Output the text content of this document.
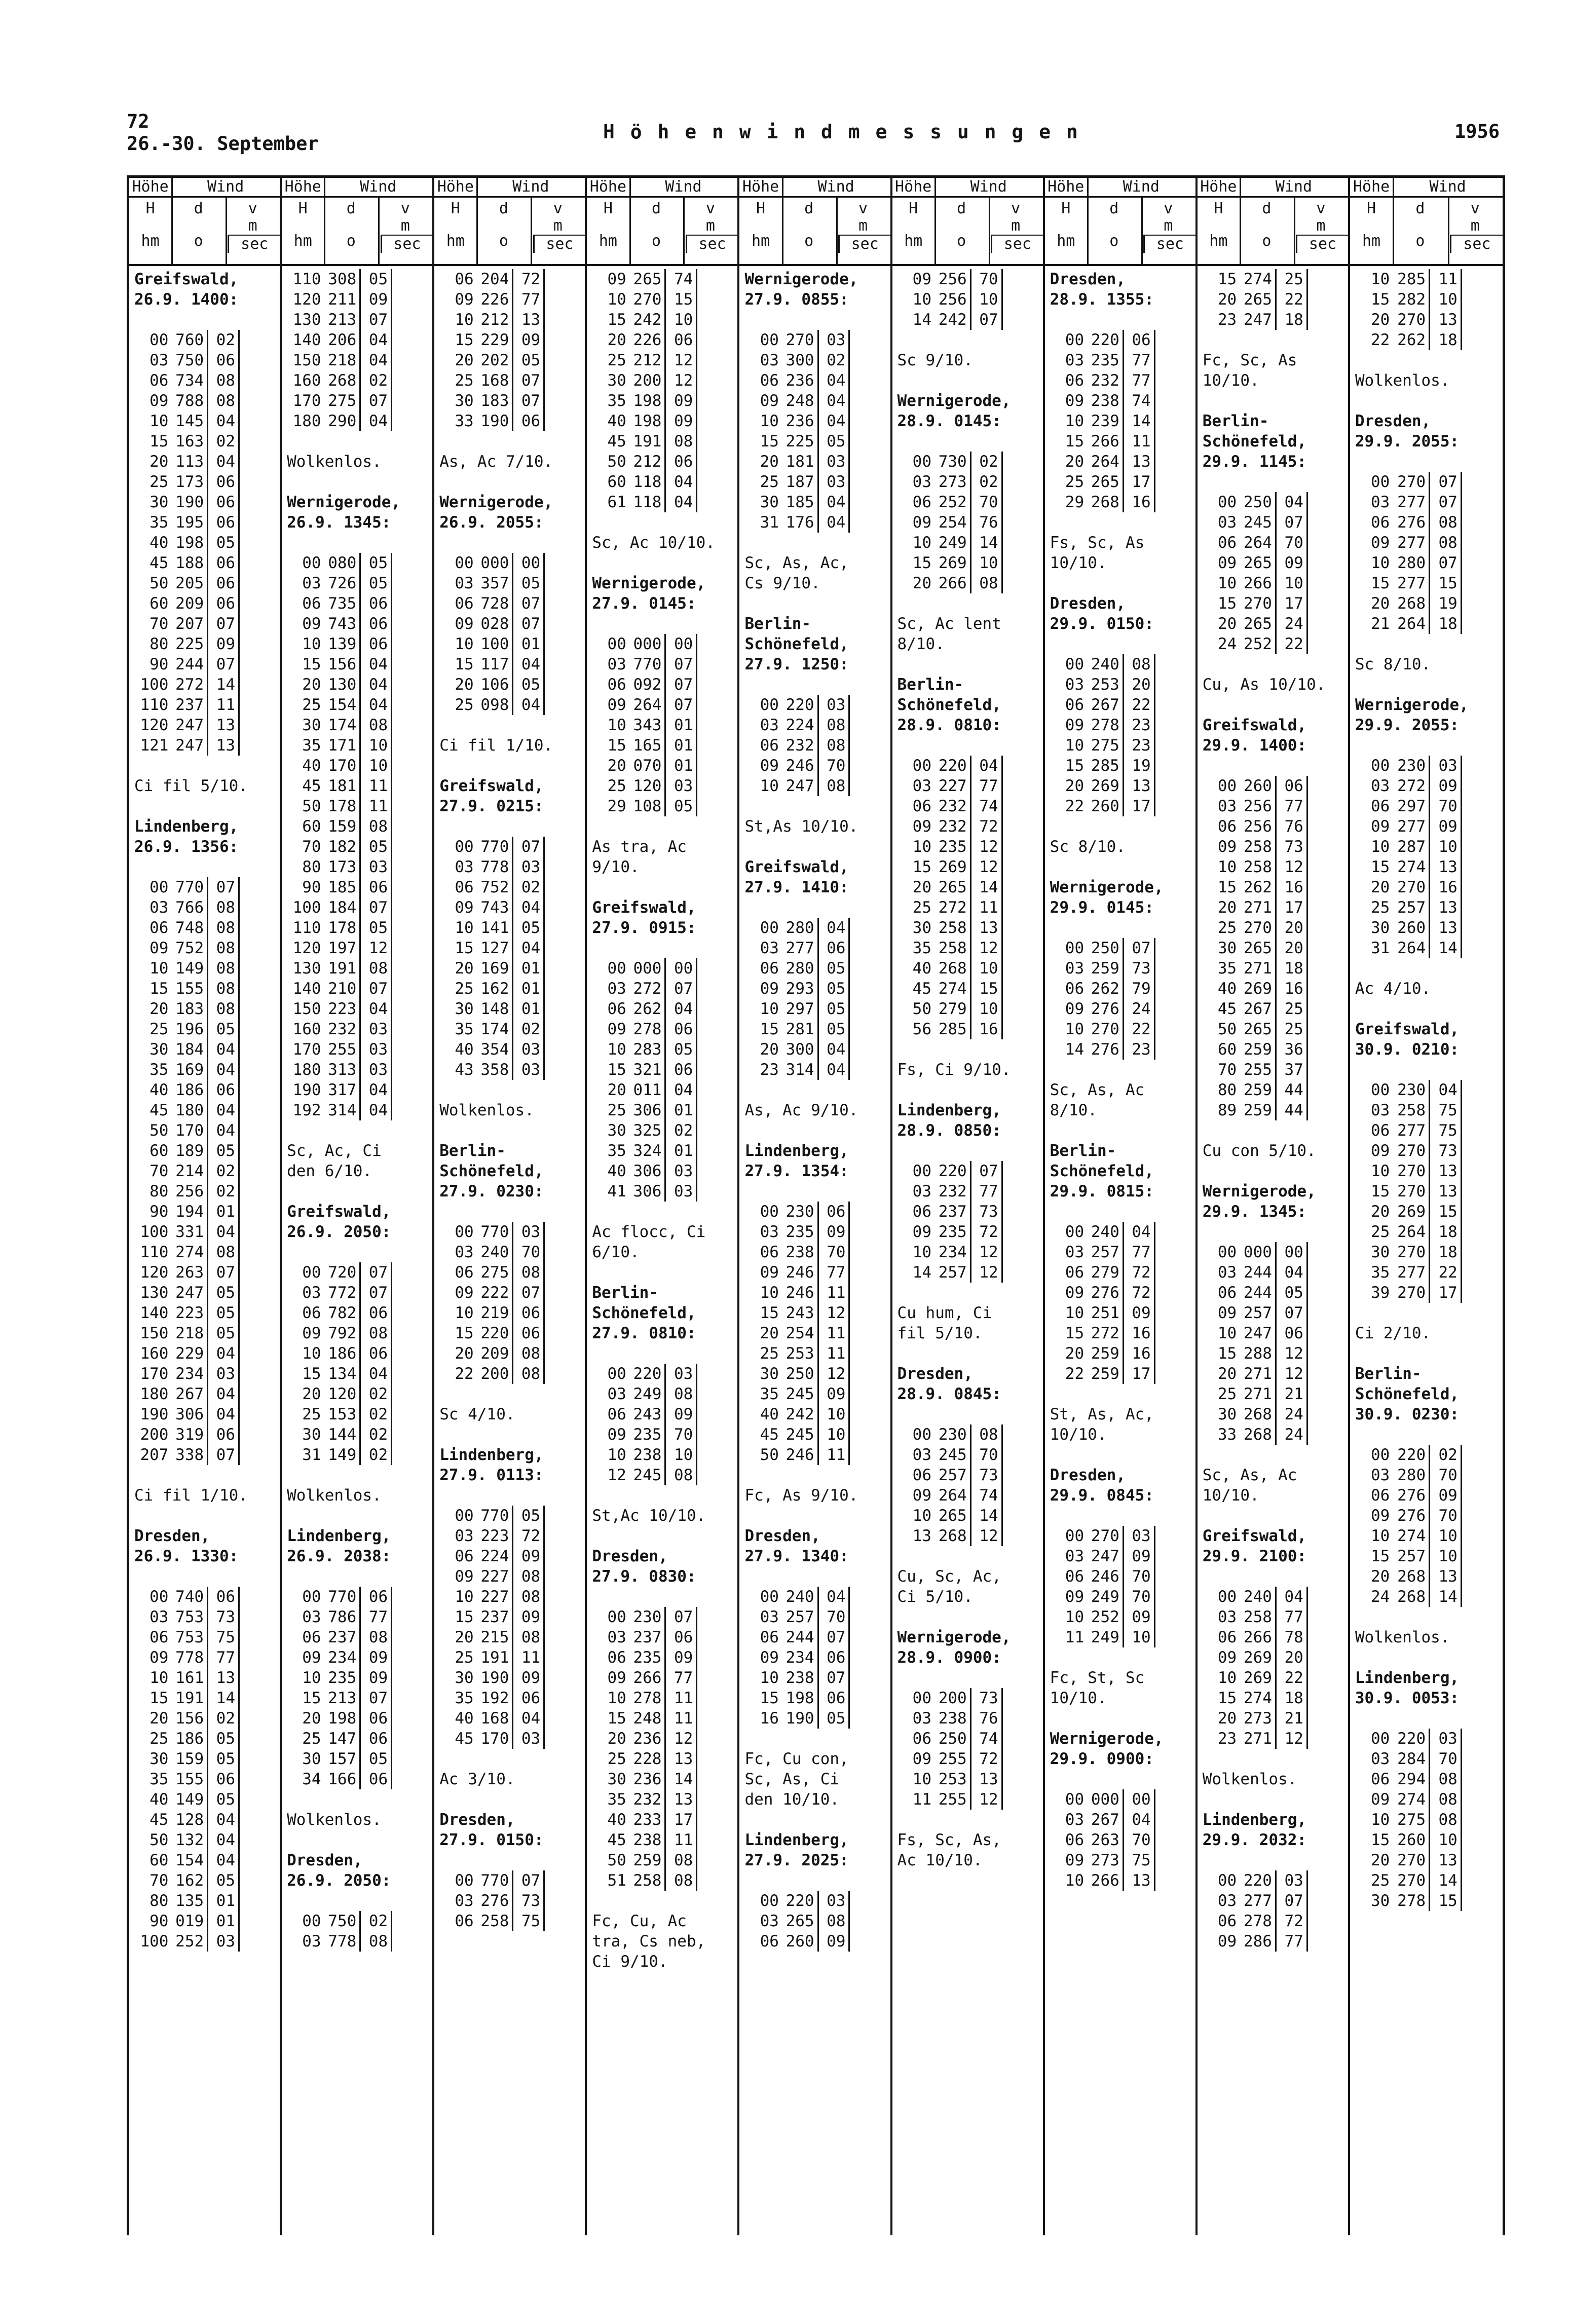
72
26.-30. September
H ö h e n w i n d m e s s u n g e n	1956
Höhe	Wind
H
hm
d
o
v
m
sec
Greifswald,
26.9. 1400:
00 760 02
03 750 06
06 734 08
09 788 08
10 145 04
15 163 02
20 113 04
25 173 06
30 190 06
35 195 06
40 198 05
45 188 06
50 205 06
60 209 06
70 207 07
80 225 09
90 244 07
100 272 14
110 237 11
120 247 13
121 247 13
Ci fil 5/10.
Lindenberg,
26.9. 1356:
00 770 07
03 766 08
06 748 08
09 752 08
10 149 08
15 155 08
20 183 08
25 196 05
30 184 04
35 169 04
40 186 06
45 180 04
50 170 04
60 189 05
70 214 02
80 256 02
90 194 01
100 331 04
110 274 08
120 263 07
130 247 05
140 223 05
150 218 05
160 229 04
170 234 03
180 267 04
190 306 04
200 319 06
207 338 07
Ci fil 1/10.
Dresden,
26.9. 1330:
00 740 06
03 753 73
06 753 75
09 778 77
10 161 13
15 191 14
20 156 02
25 186 05
30 159 05
35 155 06
40 149 05
45 128 04
50 132 04
60 154 04
70 162 05
80 135 01
90 019 01
100 252 03
Höhe	Wind
H
hm
d
o
v
m
sec
110 308 05
120 211 09
130 213 07
140 206 04
150 218 04
160 268 02
170 275 07
180 290 04
Wolkenlos.
Wernigerode,
26.9. 1345:
00 080 05
03 726 05
06 735 06
09 743 06
10 139 06
15 156 04
20 130 04
25 154 04
30 174 08
35 171 10
40 170 10
45 181 11
50 178 11
60 159 08
70 182 05
80 173 03
90 185 06
100 184 07
110 178 05
120 197 12
130 191 08
140 210 07
150 223 04
160 232 03
170 255 03
180 313 03
190 317 04
192 314 04
Sc, Ac, Ci
den 6/10.
Greifswald,
26.9. 2050:
00 720 07
03 772 07
06 782 06
09 792 08
10 186 06
15 134 04
20 120 02
25 153 02
30 144 02
31 149 02
Wolkenlos.
Lindenberg,
26.9. 2038:
00 770 06
03 786 77
06 237 08
09 234 09
10 235 09
15 213 07
20 198 06
25 147 06
30 157 05
34 166 06
Wolkenlos.
Dresden,
26.9. 2050:
00 750 02
03 778 08
Höhe	Wind
H
hm
d
o
v
m
sec
06 204 72
09 226 77
10 212 13
15 229 09
20 202 05
25 168 07
30 183 07
33 190 06
As, Ac 7/10.
Wernigerode,
26.9. 2055:
00 000 00
03 357 05
06 728 07
09 028 07
10 100 01
15 117 04
20 106 05
25 098 04
Ci fil 1/10.
Greifswald,
27.9. 0215:
00 770 07
03 778 03
06 752 02
09 743 04
10 141 05
15 127 04
20 169 01
25 162 01
30 148 01
35 174 02
40 354 03
43 358 03
Wolkenlos.
Berlin-
Schönefeld,
27.9. 0230:
00 770 03
03 240 70
06 275 08
09 222 07
10 219 06
15 220 06
20 209 08
22 200 08
Sc 4/10.
Lindenberg,
27.9. 0113:
00 770 05
03 223 72
06 224 09
09 227 08
10 227 08
15 237 09
20 215 08
25 191 11
30 190 09
35 192 06
40 168 04
45 170 03
Ac 3/10.
Dresden,
27.9. 0150:
00 770 07
03 276 73
06 258 75
Höhe	Wind
H
hm
d
o
v
m
sec
09 265 74
10 270 15
15 242 10
20 226 06
25 212 12
30 200 12
35 198 09
40 198 09
45 191 08
50 212 06
60 118 04
61 118 04
Sc, Ac 10/10.
Wernigerode,
27.9. 0145:
00 000 00
03 770 07
06 092 07
09 264 07
10 343 01
15 165 01
20 070 01
25 120 03
29 108 05
As tra, Ac
9/10.
Greifswald,
27.9. 0915:
00 000 00
03 272 07
06 262 04
09 278 06
10 283 05
15 321 06
20 011 04
25 306 01
30 325 02
35 324 01
40 306 03
41 306 03
Ac flocc, Ci
6/10.
Berlin-
Schönefeld,
27.9. 0810:
00 220 03
03 249 08
06 243 09
09 235 70
10 238 10
12 245 08
St,Ac 10/10.
Dresden,
27.9. 0830:
00 230 07
03 237 06
06 235 09
09 266 77
10 278 11
15 248 11
20 236 12
25 228 13
30 236 14
35 232 13
40 233 17
45 238 11
50 259 08
51 258 08
Fc, Cu, Ac
tra, Cs neb,
Ci 9/10.
Höhe	Wind
H
hm
d
o
v
m
sec
Wernigerode,
27.9. 0855:
00 270 03
03 300 02
06 236 04
09 248 04
10 236 04
15 225 05
20 181 03
25 187 03
30 185 04
31 176 04
Sc, As, Ac,
Cs 9/10.
Berlin-
Schönefeld,
27.9. 1250:
00 220 03
03 224 08
06 232 08
09 246 70
10 247 08
St,As 10/10.
Greifswald,
27.9. 1410:
00 280 04
03 277 06
06 280 05
09 293 05
10 297 05
15 281 05
20 300 04
23 314 04
As, Ac 9/10.
Lindenberg,
27.9. 1354:
00 230 06
03 235 09
06 238 70
09 246 77
10 246 11
15 243 12
20 254 11
25 253 11
30 250 12
35 245 09
40 242 10
45 245 10
50 246 11
Fc, As 9/10.
Dresden,
27.9. 1340:
00 240 04
03 257 70
06 244 07
09 234 06
10 238 07
15 198 06
16 190 05
Fc, Cu con,
Sc, As, Ci
den 10/10.
Lindenberg,
27.9. 2025:
00 220 03
03 265 08
06 260 09
Höhe	Wind
H
hm
d
o
v
m
sec
09 256 70
10 256 10
14 242 07
Sc 9/10.
Wernigerode,
28.9. 0145:
00 730 02
03 273 02
06 252 70
09 254 76
10 249 14
15 269 10
20 266 08
Sc, Ac lent
8/10.
Berlin-
Schönefeld,
28.9. 0810:
00 220 04
03 227 77
06 232 74
09 232 72
10 235 12
15 269 12
20 265 14
25 272 11
30 258 13
35 258 12
40 268 10
45 274 15
50 279 10
56 285 16
Fs, Ci 9/10.
Lindenberg,
28.9. 0850:
00 220 07
03 232 77
06 237 73
09 235 72
10 234 12
14 257 12
Cu hum, Ci
fil 5/10.
Dresden,
28.9. 0845:
00 230 08
03 245 70
06 257 73
09 264 74
10 265 14
13 268 12
Cu, Sc, Ac,
Ci 5/10.
Wernigerode,
28.9. 0900:
00 200 73
03 238 76
06 250 74
09 255 72
10 253 13
11 255 12
Fs, Sc, As,
Ac 10/10.
Höhe	Wind
H
hm
d
o
v
m
sec
Dresden,
28.9. 1355:
00 220 06
03 235 77
06 232 77
09 238 74
10 239 14
15 266 11
20 264 13
25 265 17
29 268 16
Fs, Sc, As
10/10.
Dresden,
29.9. 0150:
00 240 08
03 253 20
06 267 22
09 278 23
10 275 23
15 285 19
20 269 13
22 260 17
Sc 8/10.
Wernigerode,
29.9. 0145:
00 250 07
03 259 73
06 262 79
09 276 24
10 270 22
14 276 23
Sc, As, Ac
8/10.
Berlin-
Schönefeld,
29.9. 0815:
00 240 04
03 257 77
06 279 72
09 276 72
10 251 09
15 272 16
20 259 16
22 259 17
St, As, Ac,
10/10.
Dresden,
29.9. 0845:
00 270 03
03 247 09
06 246 70
09 249 70
10 252 09
11 249 10
Fc, St, Sc
10/10.
Wernigerode,
29.9. 0900:
00 000 00
03 267 04
06 263 70
09 273 75
10 266 13
Höhe	Wind
H
hm
d
o
v
m
sec
15 274 25
20 265 22
23 247 18
Fc, Sc, As
10/10.
Berlin-
Schönefeld,
29.9. 1145:
00 250 04
03 245 07
06 264 70
09 265 09
10 266 10
15 270 17
20 265 24
24 252 22
Cu, As 10/10.
Greifswald,
29.9. 1400:
00 260 06
03 256 77
06 256 76
09 258 73
10 258 12
15 262 16
20 271 17
25 270 20
30 265 20
35 271 18
40 269 16
45 267 25
50 265 25
60 259 36
70 255 37
80 259 44
89 259 44
Cu con 5/10.
Wernigerode,
29.9. 1345:
00 000 00
03 244 04
06 244 05
09 257 07
10 247 06
15 288 12
20 271 12
25 271 21
30 268 24
33 268 24
Sc, As, Ac
10/10.
Greifswald,
29.9. 2100:
00 240 04
03 258 77
06 266 78
09 269 20
10 269 22
15 274 18
20 273 21
23 271 12
Wolkenlos.
Lindenberg,
29.9. 2032:
00 220 03
03 277 07
06 278 72
09 286 77
Höhe	Wind
H
hm
d
o
v
m
sec
10 285 11
15 282 10
20 270 13
22 262 18
Wolkenlos.
Dresden,
29.9. 2055:
00 270 07
03 277 07
06 276 08
09 277 08
10 280 07
15 277 15
20 268 19
21 264 18
Sc 8/10.
Wernigerode,
29.9. 2055:
00 230 03
03 272 09
06 297 70
09 277 09
10 287 10
15 274 13
20 270 16
25 257 13
30 260 13
31 264 14
Ac 4/10.
Greifswald,
30.9. 0210:
00 230 04
03 258 75
06 277 75
09 270 73
10 270 13
15 270 13
20 269 15
25 264 18
30 270 18
35 277 22
39 270 17
Ci 2/10.
Berlin-
Schönefeld,
30.9. 0230:
00 220 02
03 280 70
06 276 09
09 276 70
10 274 10
15 257 10
20 268 13
24 268 14
Wolkenlos.
Lindenberg,
30.9. 0053:
00 220 03
03 284 70
06 294 08
09 274 08
10 275 08
15 260 10
20 270 13
25 270 14
30 278 15
